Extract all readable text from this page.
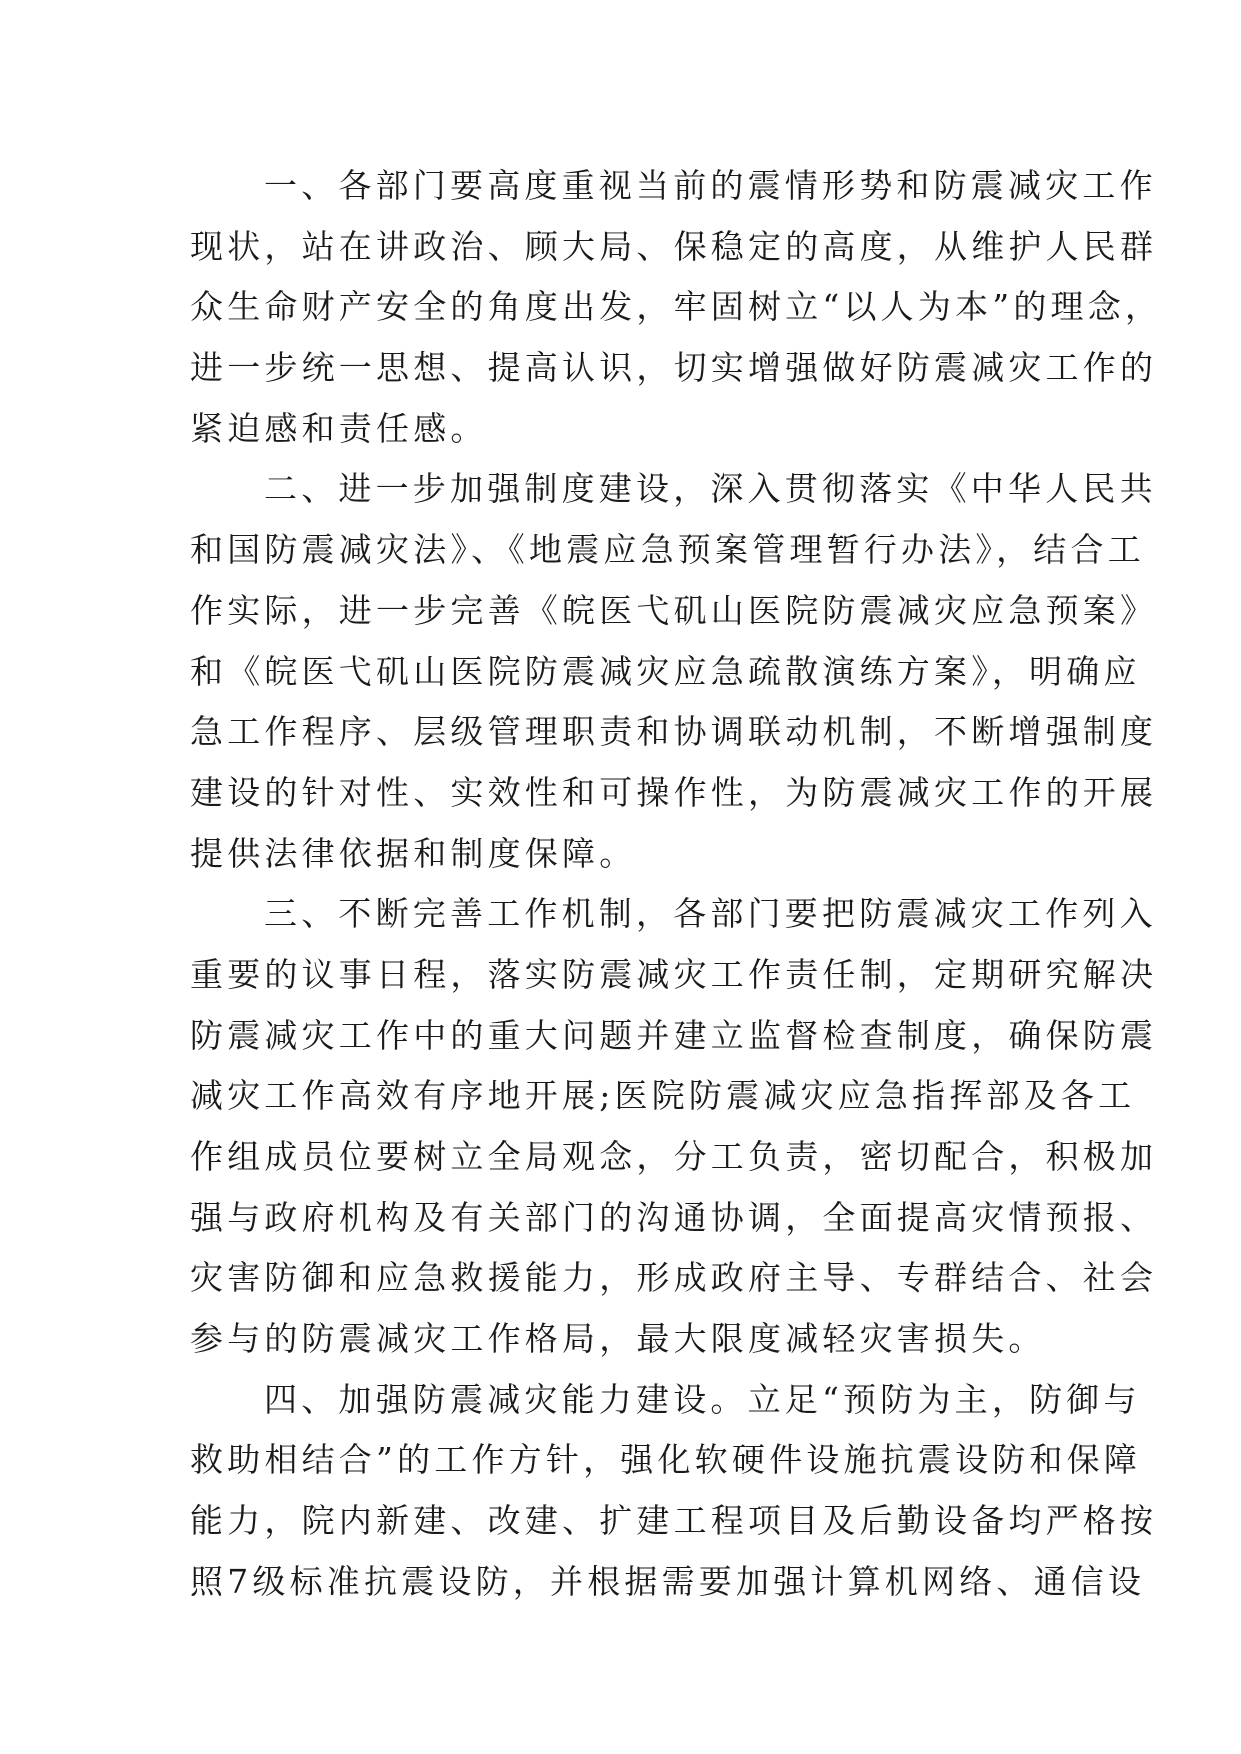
一、各部门要高度重视当前的震情形势和防震减灾工作
现状，站在讲政治、顾大局、保稳定的高度，从维护人民群
众生命财产安全的角度出发，牢固树立“以人为本”的理念，
进一步统一思想、提高认识，切实增强做好防震减灾工作的
紧迫感和责任感。
二、进一步加强制度建设，深入贯彻落实《中华人民共
和国防震减灾法》、《地震应急预案管理暂行办法》，结合工
作实际，进一步完善《皖医弋矶山医院防震减灾应急预案》
和《皖医弋矶山医院防震减灾应急疏散演练方案》，明确应
急工作程序、层级管理职责和协调联动机制，不断增强制度
建设的针对性、实效性和可操作性，为防震减灾工作的开展
提供法律依据和制度保障。
三、不断完善工作机制，各部门要把防震减灾工作列入
重要的议事日程，落实防震减灾工作责任制，定期研究解决
防震减灾工作中的重大问题并建立监督检查制度，确保防震
减灾工作高效有序地开展;医院防震减灾应急指挥部及各工
作组成员位要树立全局观念，分工负责，密切配合，积极加
强与政府机构及有关部门的沟通协调，全面提高灾情预报、
灾害防御和应急救援能力，形成政府主导、专群结合、社会
参与的防震减灾工作格局，最大限度减轻灾害损失。
四、加强防震减灾能力建设。立足“预防为主，防御与
救助相结合”的工作方针，强化软硬件设施抗震设防和保障
能力，院内新建、改建、扩建工程项目及后勤设备均严格按
照7级标准抗震设防，并根据需要加强计算机网络、通信设
